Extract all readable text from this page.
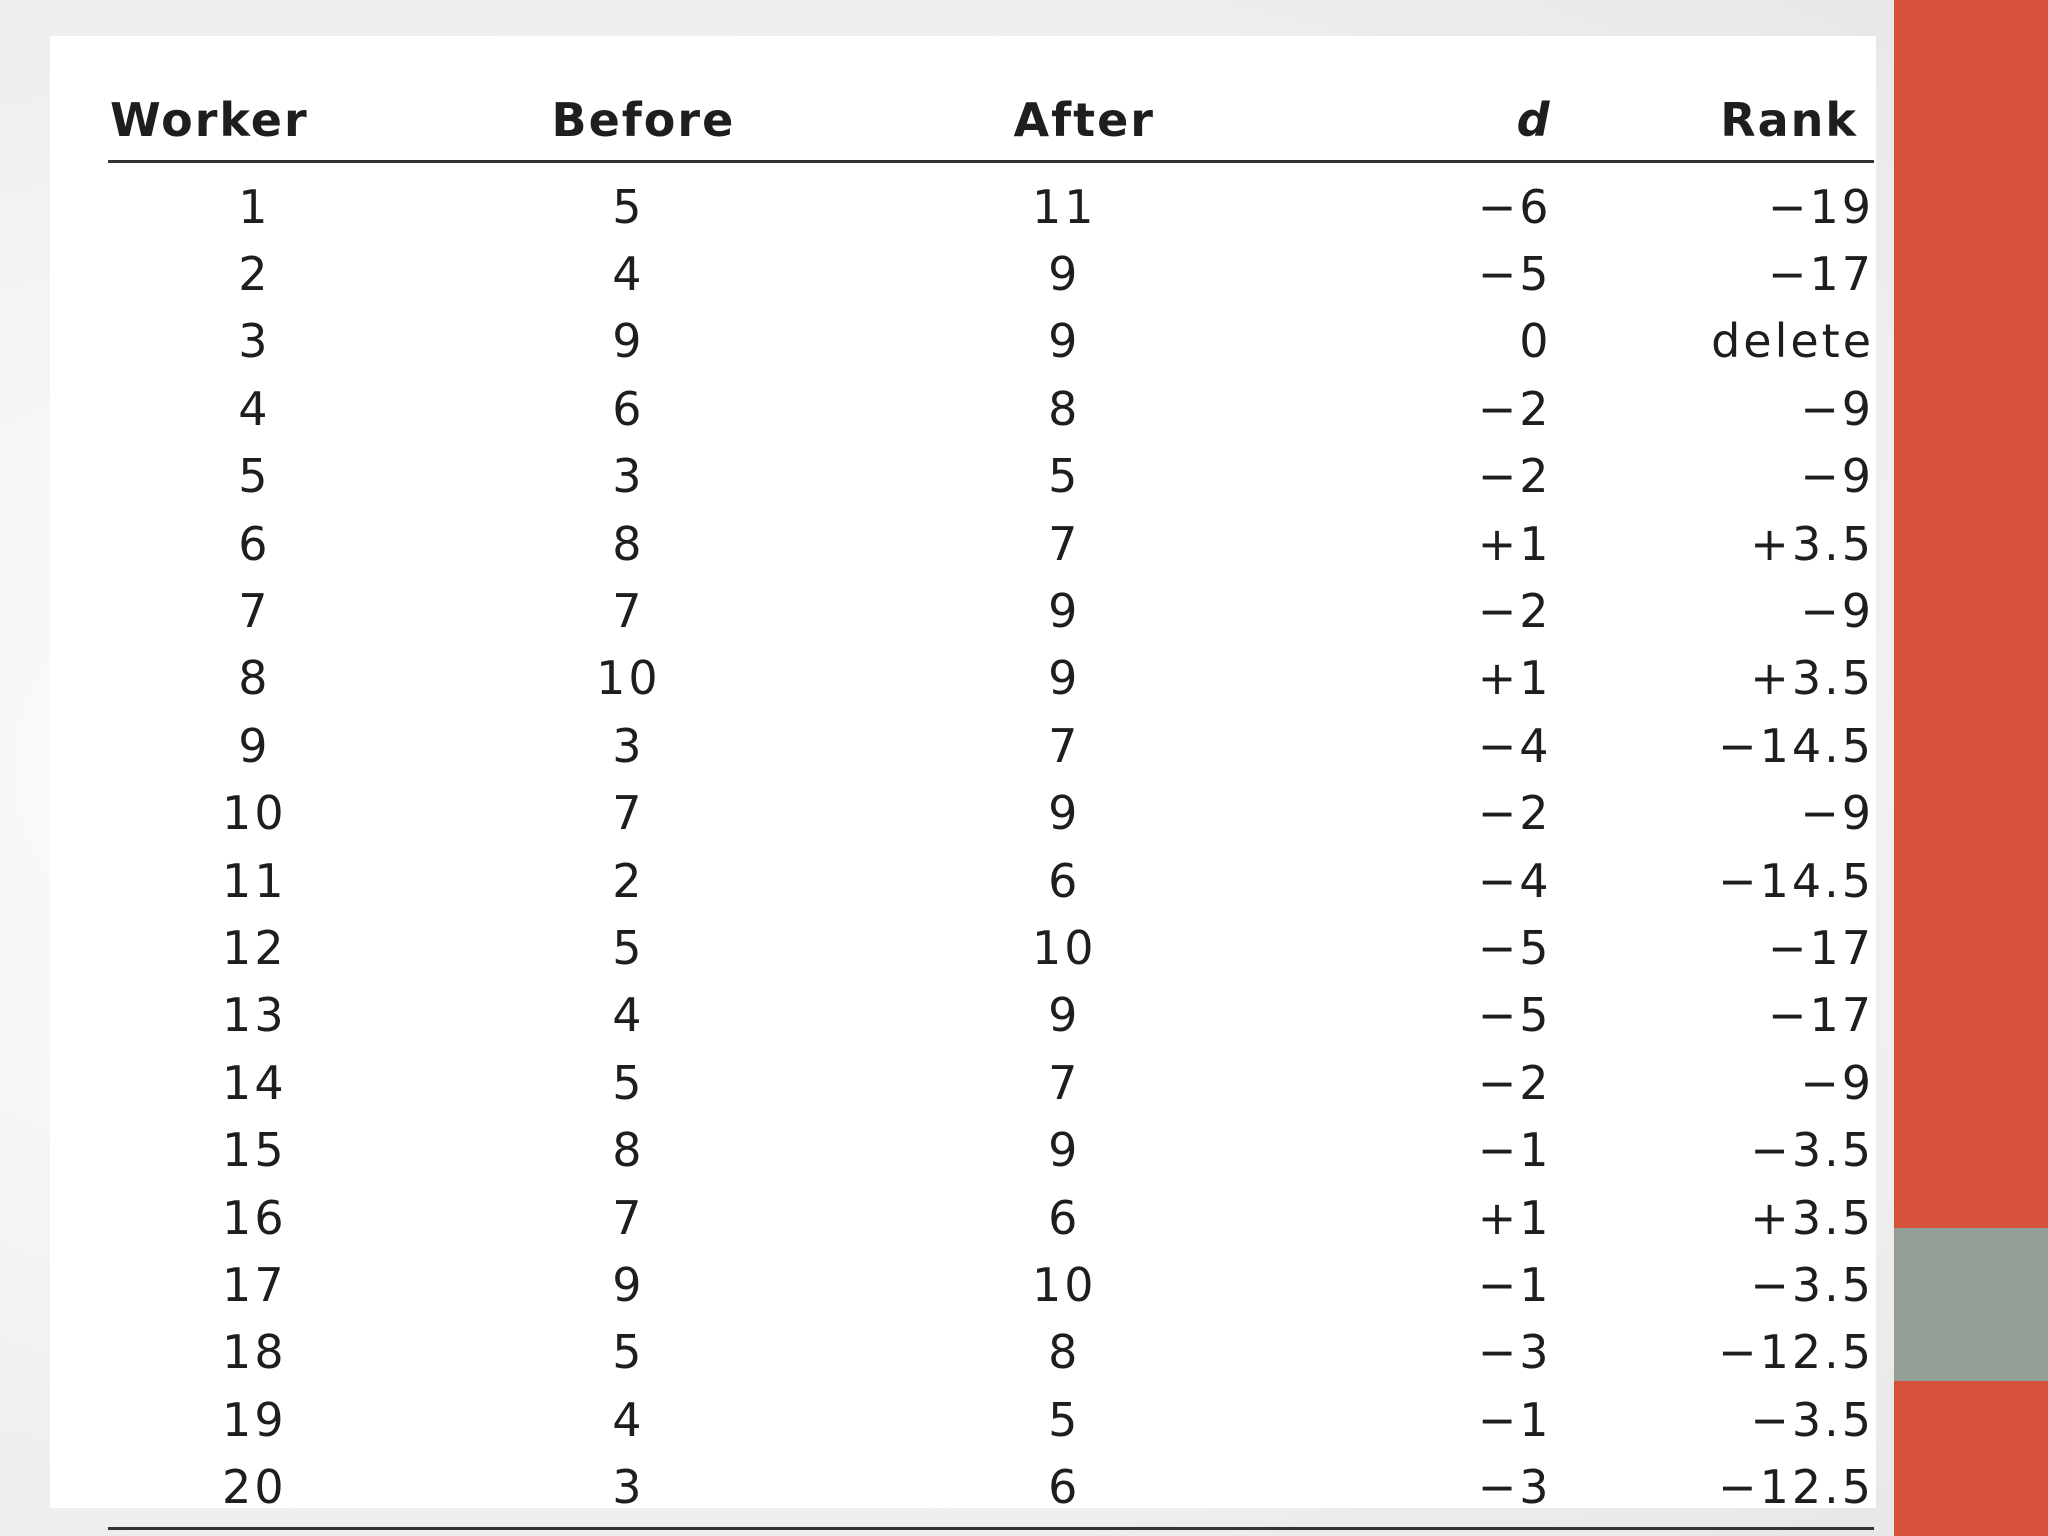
Worker	Before	After	d	Rank
1	5	11	−6	−19
2	4	9	−5	−17
3	9	9	0	delete
4	6	8	−2	−9
5	3	5	−2	−9
6	8	7	+1	+3.5
7	7	9	−2	−9
8	10	9	+1	+3.5
9	3	7	−4	−14.5
10	7	9	−2	−9
11	2	6	−4	−14.5
12	5	10	−5	−17
13	4	9	−5	−17
14	5	7	−2	−9
15	8	9	−1	−3.5
16	7	6	+1	+3.5
17	9	10	−1	−3.5
18	5	8	−3	−12.5
19	4	5	−1	−3.5
20	3	6	−3	−12.5
